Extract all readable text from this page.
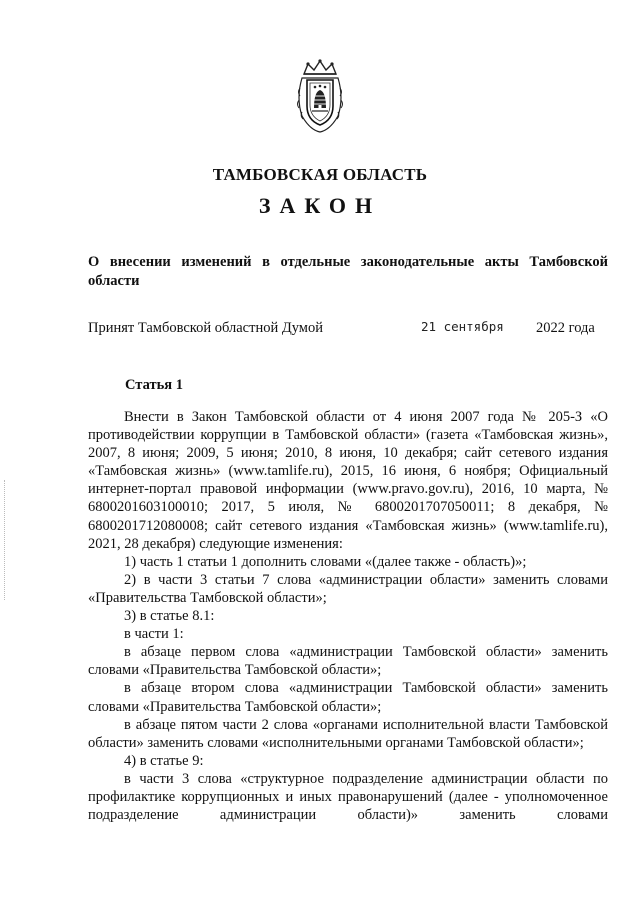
ТАМБОВСКАЯ ОБЛАСТЬ
ЗАКОН
О внесении изменений в отдельные законодательные акты Тамбовской области
Принят Тамбовской областной Думой	21 сентября 2022 года
Статья 1

Внести в Закон Тамбовской области от 4 июня 2007 года № 205-З «О противодействии коррупции в Тамбовской области» (газета «Тамбовская жизнь», 2007, 8 июня; 2009, 5 июня; 2010, 8 июня, 10 декабря; сайт сетевого издания «Тамбовская жизнь» (www.tamlife.ru), 2015, 16 июня, 6 ноября; Официальный интернет-портал правовой информации (www.pravo.gov.ru), 2016, 10 марта, № 6800201603100010; 2017, 5 июля, № 6800201707050011; 8 декабря, № 6800201712080008; сайт сетевого издания «Тамбовская жизнь» (www.tamlife.ru), 2021, 28 декабря) следующие изменения:

1) часть 1 статьи 1 дополнить словами «(далее также - область)»;

2) в части 3 статьи 7 слова «администрации области» заменить словами «Правительства Тамбовской области»;

3) в статье 8.1:

в части 1:

в абзаце первом слова «администрации Тамбовской области» заменить словами «Правительства Тамбовской области»;

в абзаце втором слова «администрации Тамбовской области» заменить словами «Правительства Тамбовской области»;

в абзаце пятом части 2 слова «органами исполнительной власти Тамбовской области» заменить словами «исполнительными органами Тамбовской области»;

4) в статье 9:

в части 3 слова «структурное подразделение администрации области по профилактике коррупционных и иных правонарушений (далее - уполномоченное подразделение администрации области)» заменить словами
